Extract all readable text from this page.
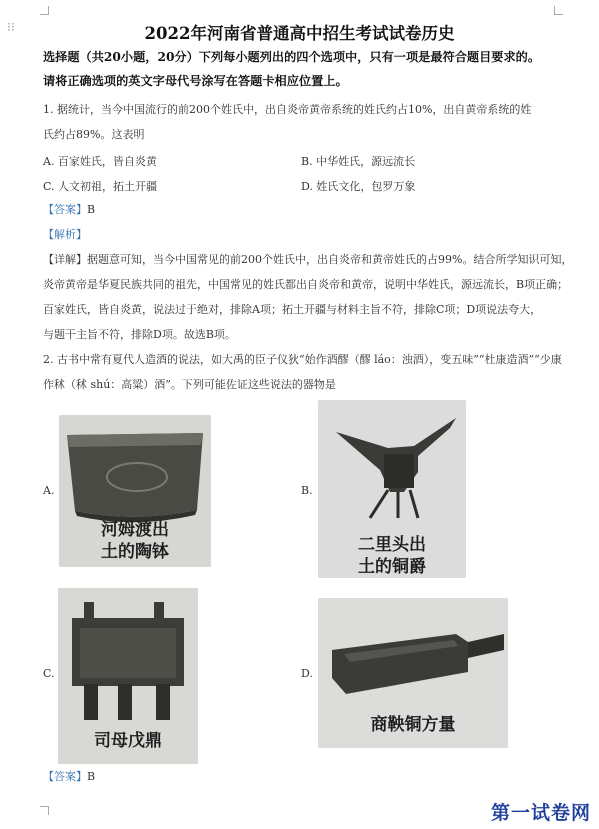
⁝⁝	2022年河南省普通高中招生考试试卷历史
选择题（共20小题，20分）下列每小题列出的四个选项中，只有一项是最符合题目要求的。
请将正确选项的英文字母代号涂写在答题卡相应位置上。
1. 据统计，当今中国流行的前200个姓氏中，出自炎帝黄帝系统的姓氏约占10%，出自黄帝系统的姓
氏约占89%。这表明
A. 百家姓氏，皆自炎黄	B. 中华姓氏，源远流长
C. 人文初祖，拓土开疆	D. 姓氏文化，包罗万象
【答案】B
【解析】
【详解】据题意可知，当今中国常见的前200个姓氏中，出自炎帝和黄帝姓氏的占99%。结合所学知识可知，
炎帝黄帝是华夏民族共同的祖先，中国常见的姓氏都出自炎帝和黄帝，说明中华姓氏，源远流长，B项正确；
百家姓氏，皆自炎黄，说法过于绝对，排除A项；拓土开疆与材料主旨不符，排除C项；D项说法夸大，
与题干主旨不符，排除D项。故选B项。
2. 古书中常有夏代人造酒的说法，如大禹的臣子仪狄“始作酒醪（醪 láo：浊酒），变五味”“杜康造酒”“少康
作秫（秫 shú：高粱）酒”。下列可能佐证这些说法的器物是
A.
河姆渡出
土的陶钵
B.
二里头出
土的铜爵
C.
司母戊鼎
D.
商鞅铜方量
【答案】B
第一试卷网
